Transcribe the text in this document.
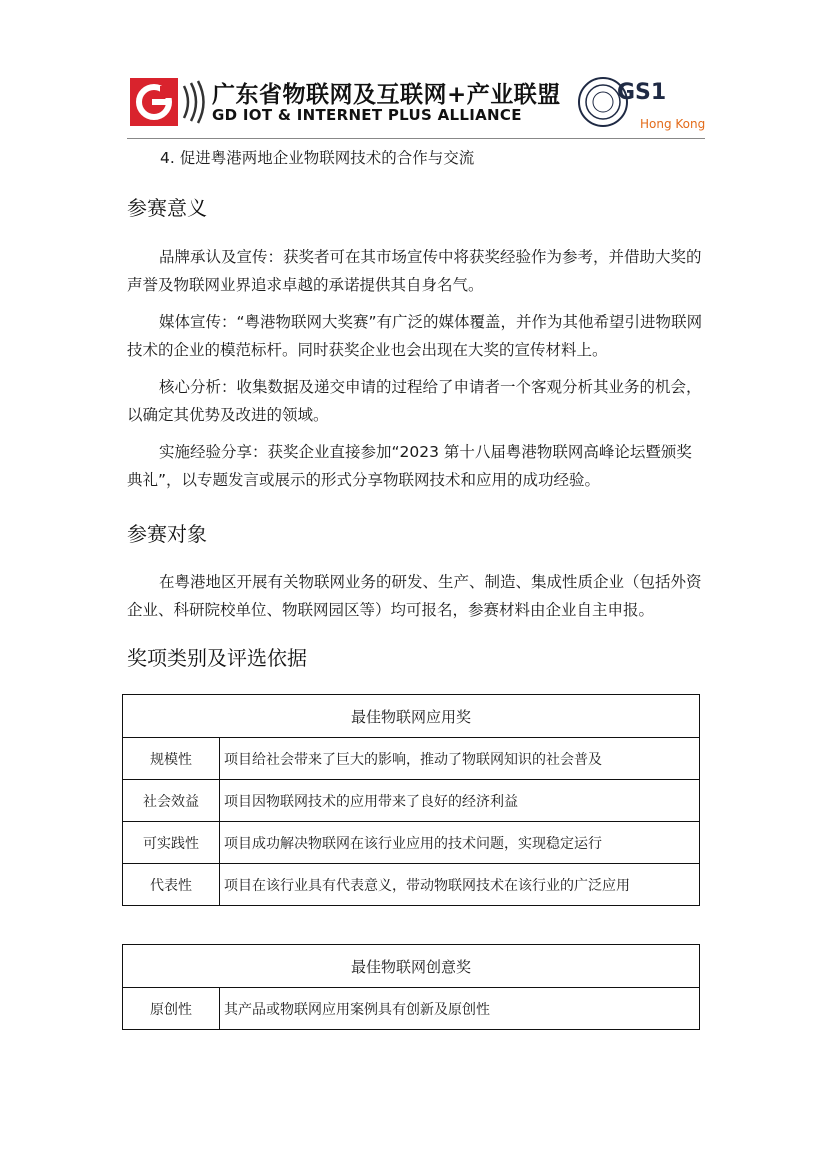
广东省物联网及互联网+产业联盟
GD IOT & INTERNET PLUS ALLIANCE
GS1
Hong Kong
4. 促进粤港两地企业物联网技术的合作与交流
参赛意义

品牌承认及宣传：获奖者可在其市场宣传中将获奖经验作为参考，并借助大奖的声誉及物联网业界追求卓越的承诺提供其自身名气。

媒体宣传：“粤港物联网大奖赛”有广泛的媒体覆盖，并作为其他希望引进物联网技术的企业的模范标杆。同时获奖企业也会出现在大奖的宣传材料上。

核心分析：收集数据及递交申请的过程给了申请者一个客观分析其业务的机会，以确定其优势及改进的领域。

实施经验分享：获奖企业直接参加“2023 第十八届粤港物联网高峰论坛暨颁奖典礼”，以专题发言或展示的形式分享物联网技术和应用的成功经验。

参赛对象

在粤港地区开展有关物联网业务的研发、生产、制造、集成性质企业（包括外资企业、科研院校单位、物联网园区等）均可报名，参赛材料由企业自主申报。

奖项类别及评选依据
最佳物联网应用奖	
规模性	项目给社会带来了巨大的影响，推动了物联网知识的社会普及
社会效益	项目因物联网技术的应用带来了良好的经济利益
可实践性	项目成功解决物联网在该行业应用的技术问题，实现稳定运行
代表性	项目在该行业具有代表意义，带动物联网技术在该行业的广泛应用
最佳物联网创意奖
原创性	其产品或物联网应用案例具有创新及原创性
